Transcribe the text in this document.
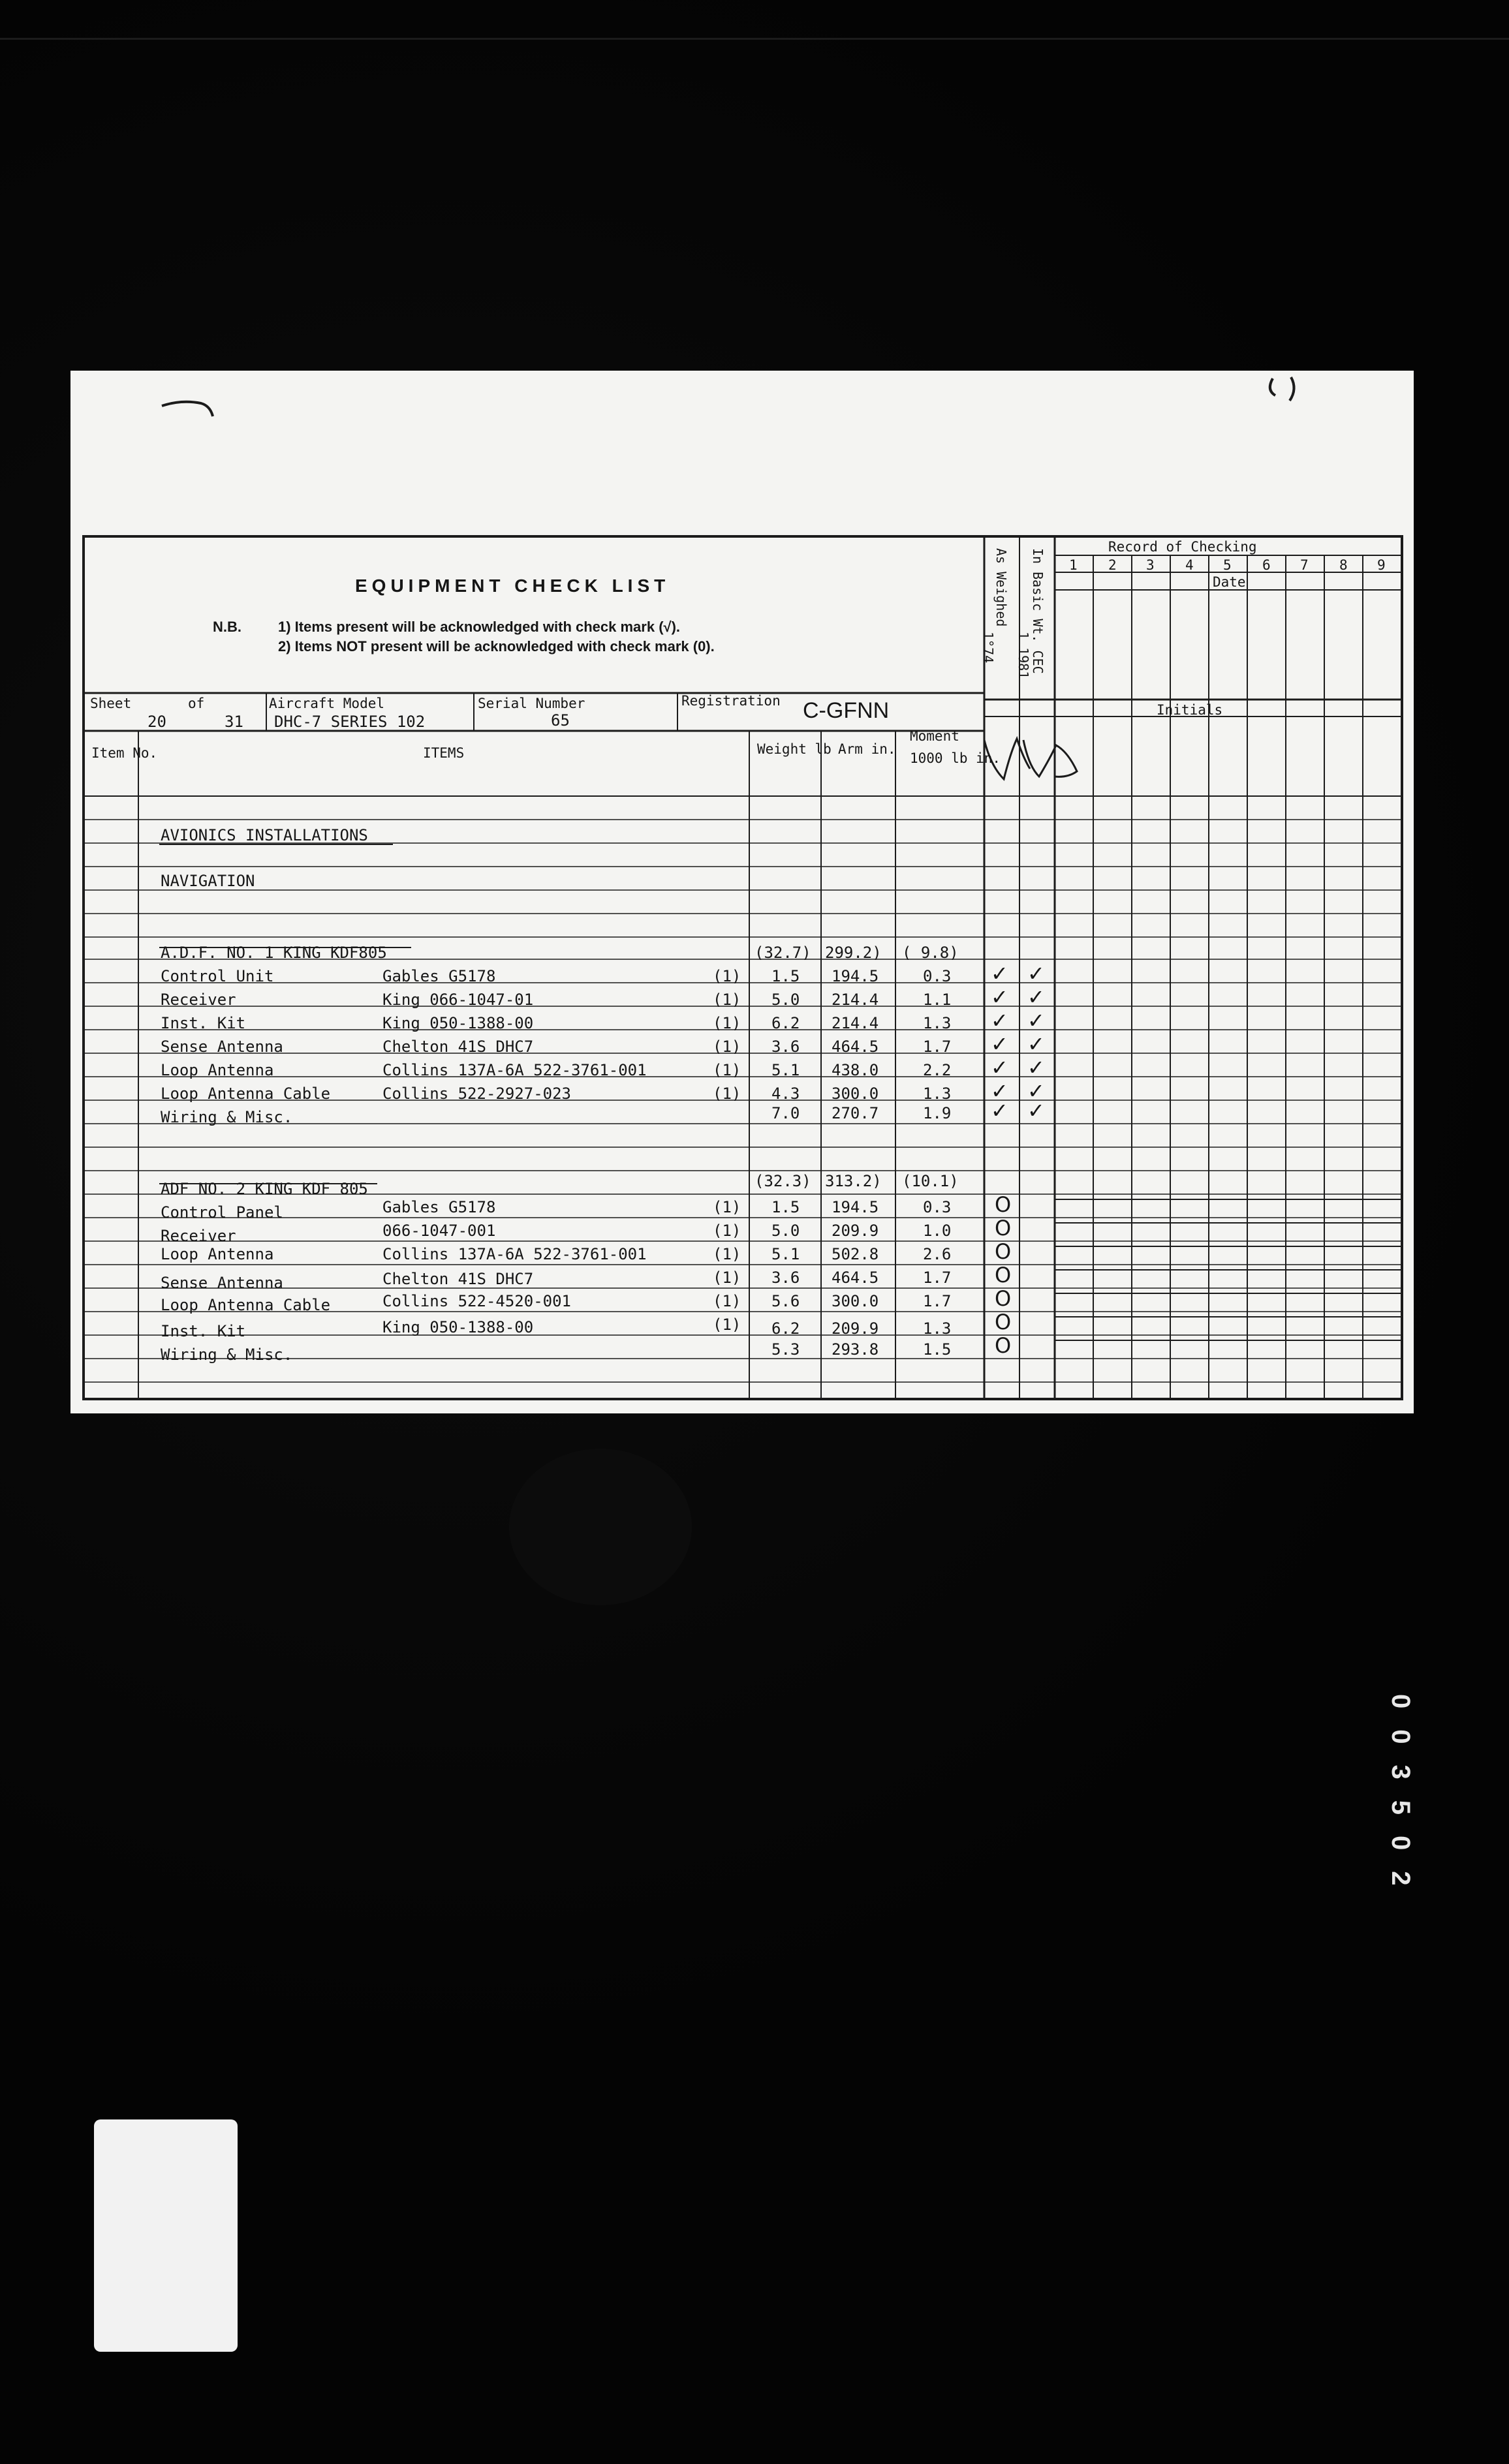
EQUIPMENT CHECK LIST
N.B.	1) Items present will be acknowledged with check mark (√).
2) Items NOT present will be acknowledged with check mark (0).
Record of Checking
Date
Initials
1 2 3 4 5 6 7 8 9
As Weighed
1°74	In Basic Wt. CEC
1 1981
Sheet
20
of
31
Aircraft Model
DHC-7 SERIES 102
Serial Number
65
Registration C-GFNN
Item No.	ITEMS	Weight lb Arm in.
Moment
1000 lb in.
AVIONICS INSTALLATIONS
NAVIGATION
A.D.F. NO. 1 KING KDF805	(32.7) 299.2) ( 9.8)
Control Unit	Gables G5178	(1) 1.5 194.5	0.3 ✓ ✓
Receiver	King 066-1047-01	(1) 5.0 214.4	1.1 ✓ ✓
Inst. Kit	King 050-1388-00	(1) 6.2 214.4	1.3 ✓ ✓
Sense Antenna	Chelton 41S DHC7	(1) 3.6 464.5	1.7 ✓ ✓
Loop Antenna	Collins 137A-6A 522-3761-001	(1) 5.1 438.0	2.2 ✓ ✓
Loop Antenna Cable	Collins 522-2927-023	(1) 4.3 300.0	1.3 ✓ ✓
Wiring & Misc.	7.0 270.7	1.9 ✓ ✓
ADF NO. 2 KING KDF 805	(32.3) 313.2) (10.1)
Control Panel	Gables G5178	(1) 1.5 194.5	0.3 O
Receiver	066-1047-001	(1) 5.0 209.9	1.0 O
Loop Antenna	Collins 137A-6A 522-3761-001	(1) 5.1 502.8	2.6 O
Sense Antenna	Chelton 41S DHC7	(1) 3.6 464.5	1.7 O
Loop Antenna Cable	Collins 522-4520-001	(1) 5.6 300.0	1.7 O
Inst. Kit	King 050-1388-00	(1) 6.2 209.9	1.3 O
Wiring & Misc.	5.3 293.8	1.5 O
003502
